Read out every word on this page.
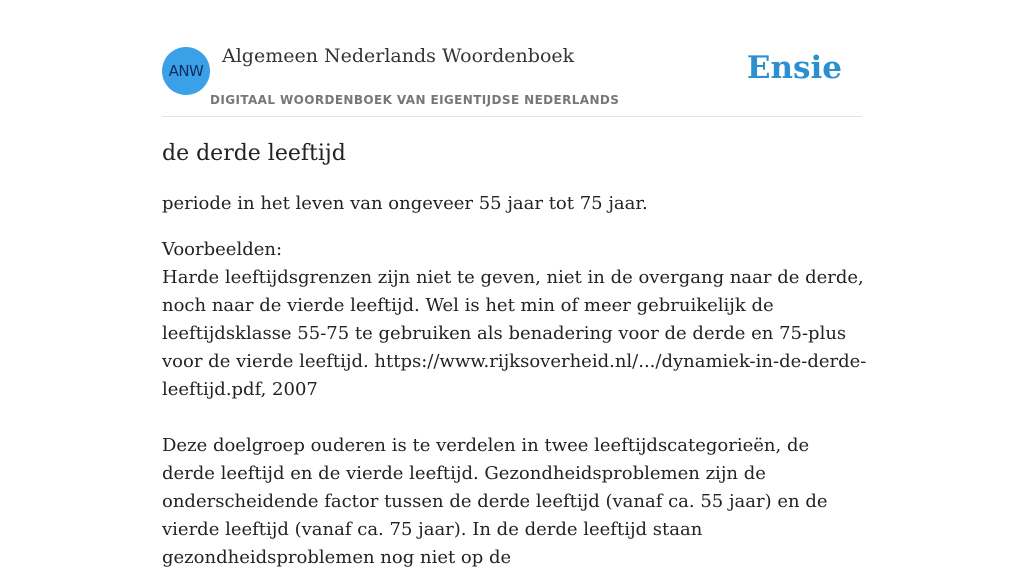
ANW
Algemeen Nederlands Woordenboek
DIGITAAL WOORDENBOEK VAN EIGENTIJDSE NEDERLANDS
Ensie
de derde leeftijd

periode in het leven van ongeveer 55 jaar tot 75 jaar.

Voorbeelden:

Harde leeftijdsgrenzen zijn niet te geven, niet in de overgang naar de derde, noch naar de vierde leeftijd. Wel is het min of meer gebruikelijk de leeftijdsklasse 55-75 te gebruiken als benadering voor de derde en 75-plus voor de vierde leeftijd. https://www.rijksoverheid.nl/.../dynamiek-in-de-derde-leeftijd.pdf, 2007

Deze doelgroep ouderen is te verdelen in twee leeftijdscategorieën, de derde leeftijd en de vierde leeftijd. Gezondheidsproblemen zijn de onderscheidende factor tussen de derde leeftijd (vanaf ca. 55 jaar) en de vierde leeftijd (vanaf ca. 75 jaar). In de derde leeftijd staan gezondheidsproblemen nog niet op de
